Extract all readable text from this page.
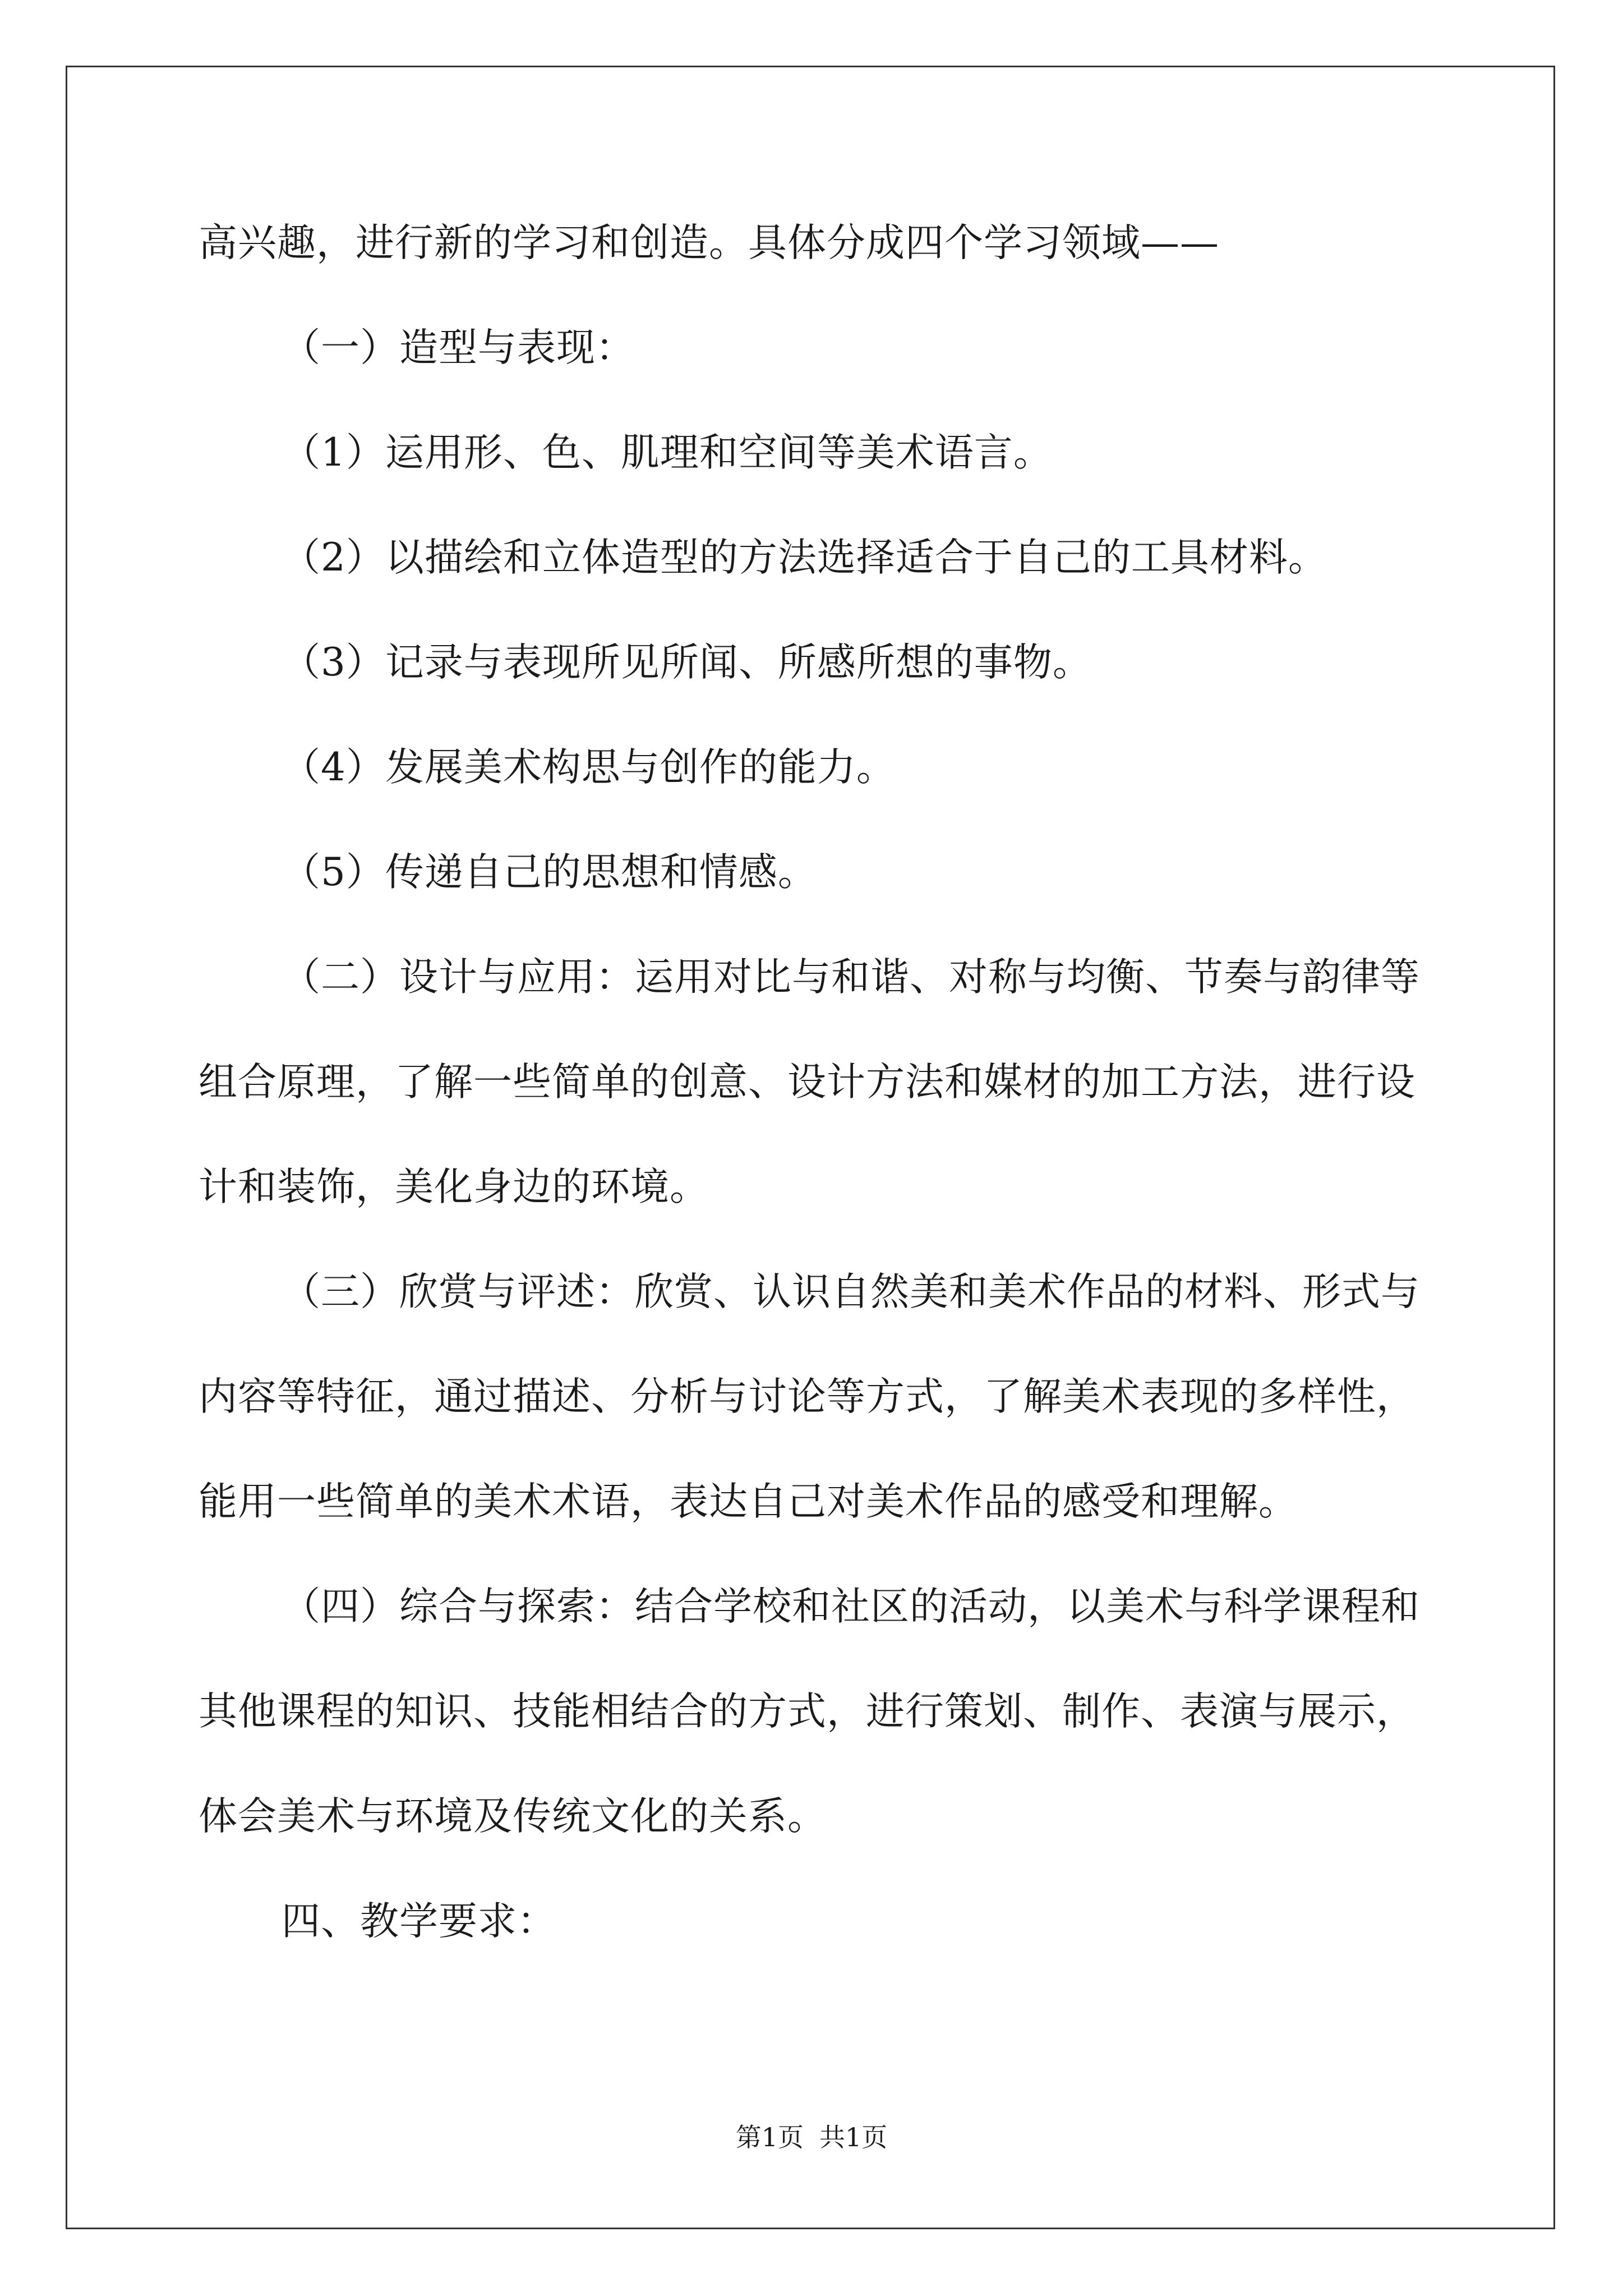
高兴趣，进行新的学习和创造。具体分成四个学习领域——

（一）造型与表现：

（1）运用形、色、肌理和空间等美术语言。

（2）以描绘和立体造型的方法选择适合于自己的工具材料。

（3）记录与表现所见所闻、所感所想的事物。

（4）发展美术构思与创作的能力。

（5）传递自己的思想和情感。

（二）设计与应用：运用对比与和谐、对称与均衡、节奏与韵律等组合原理，了解一些简单的创意、设计方法和媒材的加工方法，进行设计和装饰，美化身边的环境。

（三）欣赏与评述：欣赏、认识自然美和美术作品的材料、形式与内容等特征，通过描述、分析与讨论等方式，了解美术表现的多样性，能用一些简单的美术术语，表达自己对美术作品的感受和理解。

（四）综合与探索：结合学校和社区的活动，以美术与科学课程和其他课程的知识、技能相结合的方式，进行策划、制作、表演与展示，体会美术与环境及传统文化的关系。

四、教学要求：

第1页 共1页
